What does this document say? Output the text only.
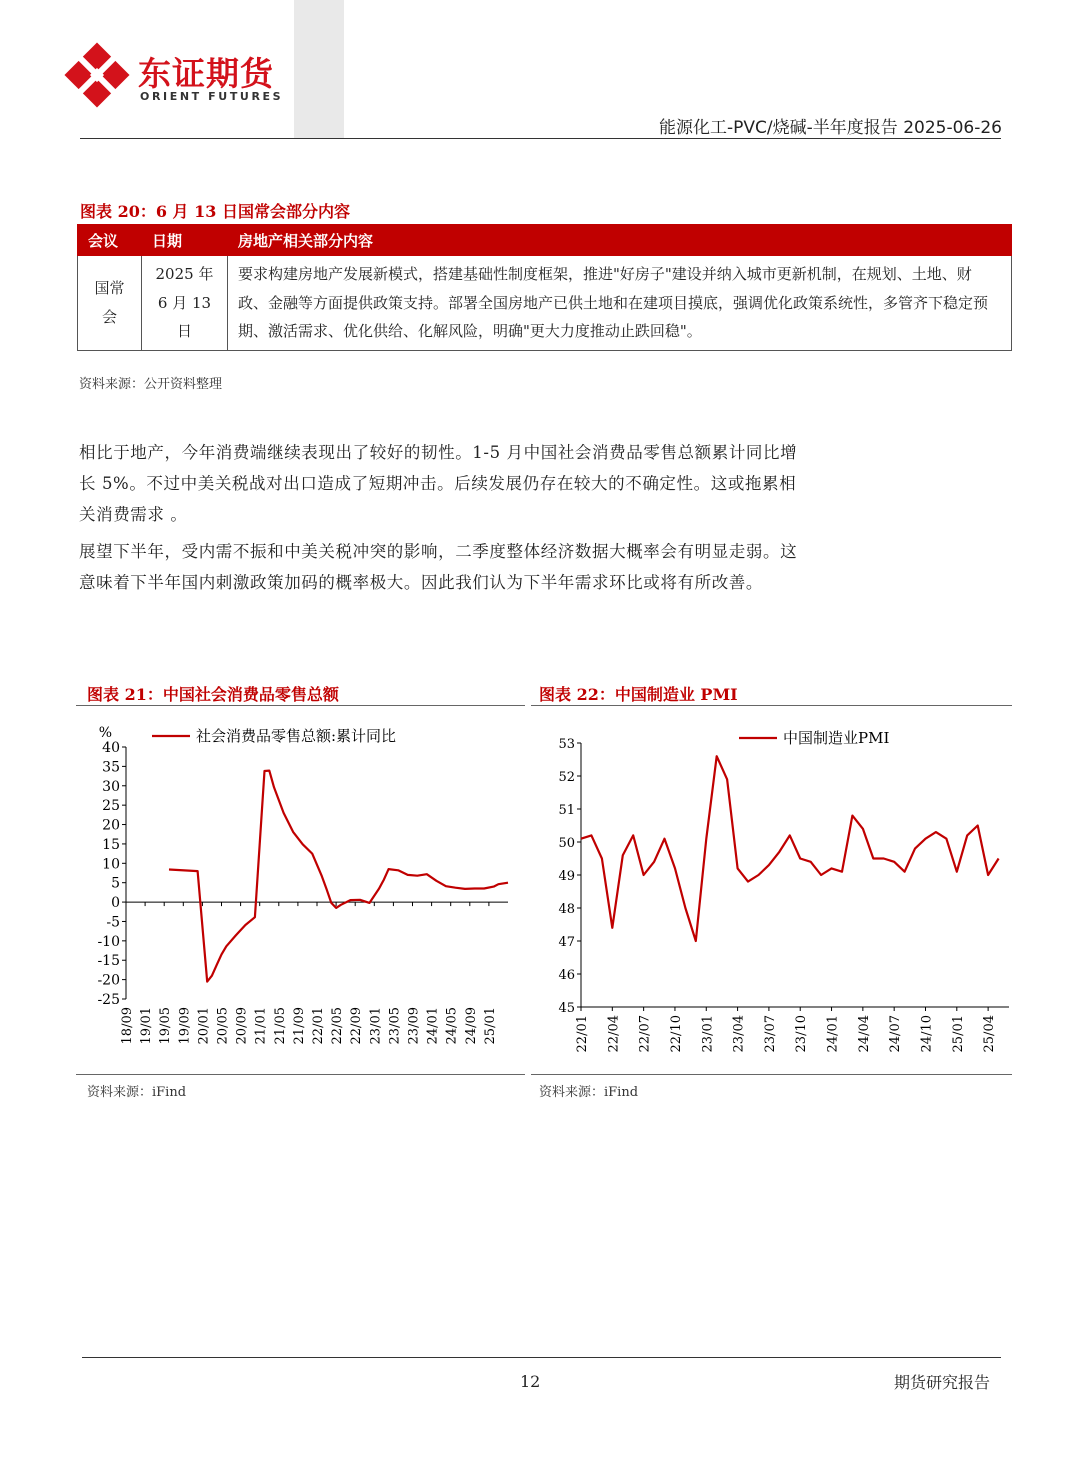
东证期货
ORIENT FUTURES
能源化工-PVC/烧碱-半年度报告 2025-06-26
图表 20：6 月 13 日国常会部分内容
会议	日期	房地产相关部分内容
国常会	2025 年 6 月 13 日	要求构建房地产发展新模式，搭建基础性制度框架，推进"好房子"建设并纳入城市更新机制，在规划、土地、财政、金融等方面提供政策支持。部署全国房地产已供土地和在建项目摸底，强调优化政策系统性，多管齐下稳定预期、激活需求、优化供给、化解风险，明确"更大力度推动止跌回稳"。
资料来源：公开资料整理
相比于地产，今年消费端继续表现出了较好的韧性。1-5 月中国社会消费品零售总额累计同比增长 5%。不过中美关税战对出口造成了短期冲击。后续发展仍存在较大的不确定性。这或拖累相关消费需求 。
展望下半年，受内需不振和中美关税冲突的影响，二季度整体经济数据大概率会有明显走弱。这意味着下半年国内刺激政策加码的概率极大。因此我们认为下半年需求环比或将有所改善。
图表 21：中国社会消费品零售总额
40
35
30
25
20
15
10
5
0
-5
-10
-15
-20
-25
%
18/09 19/01 19/05 19/09 20/01 20/05 20/09 21/01 21/05 21/09 22/01 22/05 22/09 23/01 23/05 23/09 24/01 24/05 24/09 25/01
社会消费品零售总额:累计同比
资料来源：iFind
图表 22：中国制造业 PMI
53
52
51
50
49
48
47
46
45
22/01 22/04 22/07 22/10 23/01 23/04 23/07 23/10 24/01 24/04 24/07 24/10 25/01 25/04
中国制造业PMI
资料来源：iFind
12	期货研究报告
